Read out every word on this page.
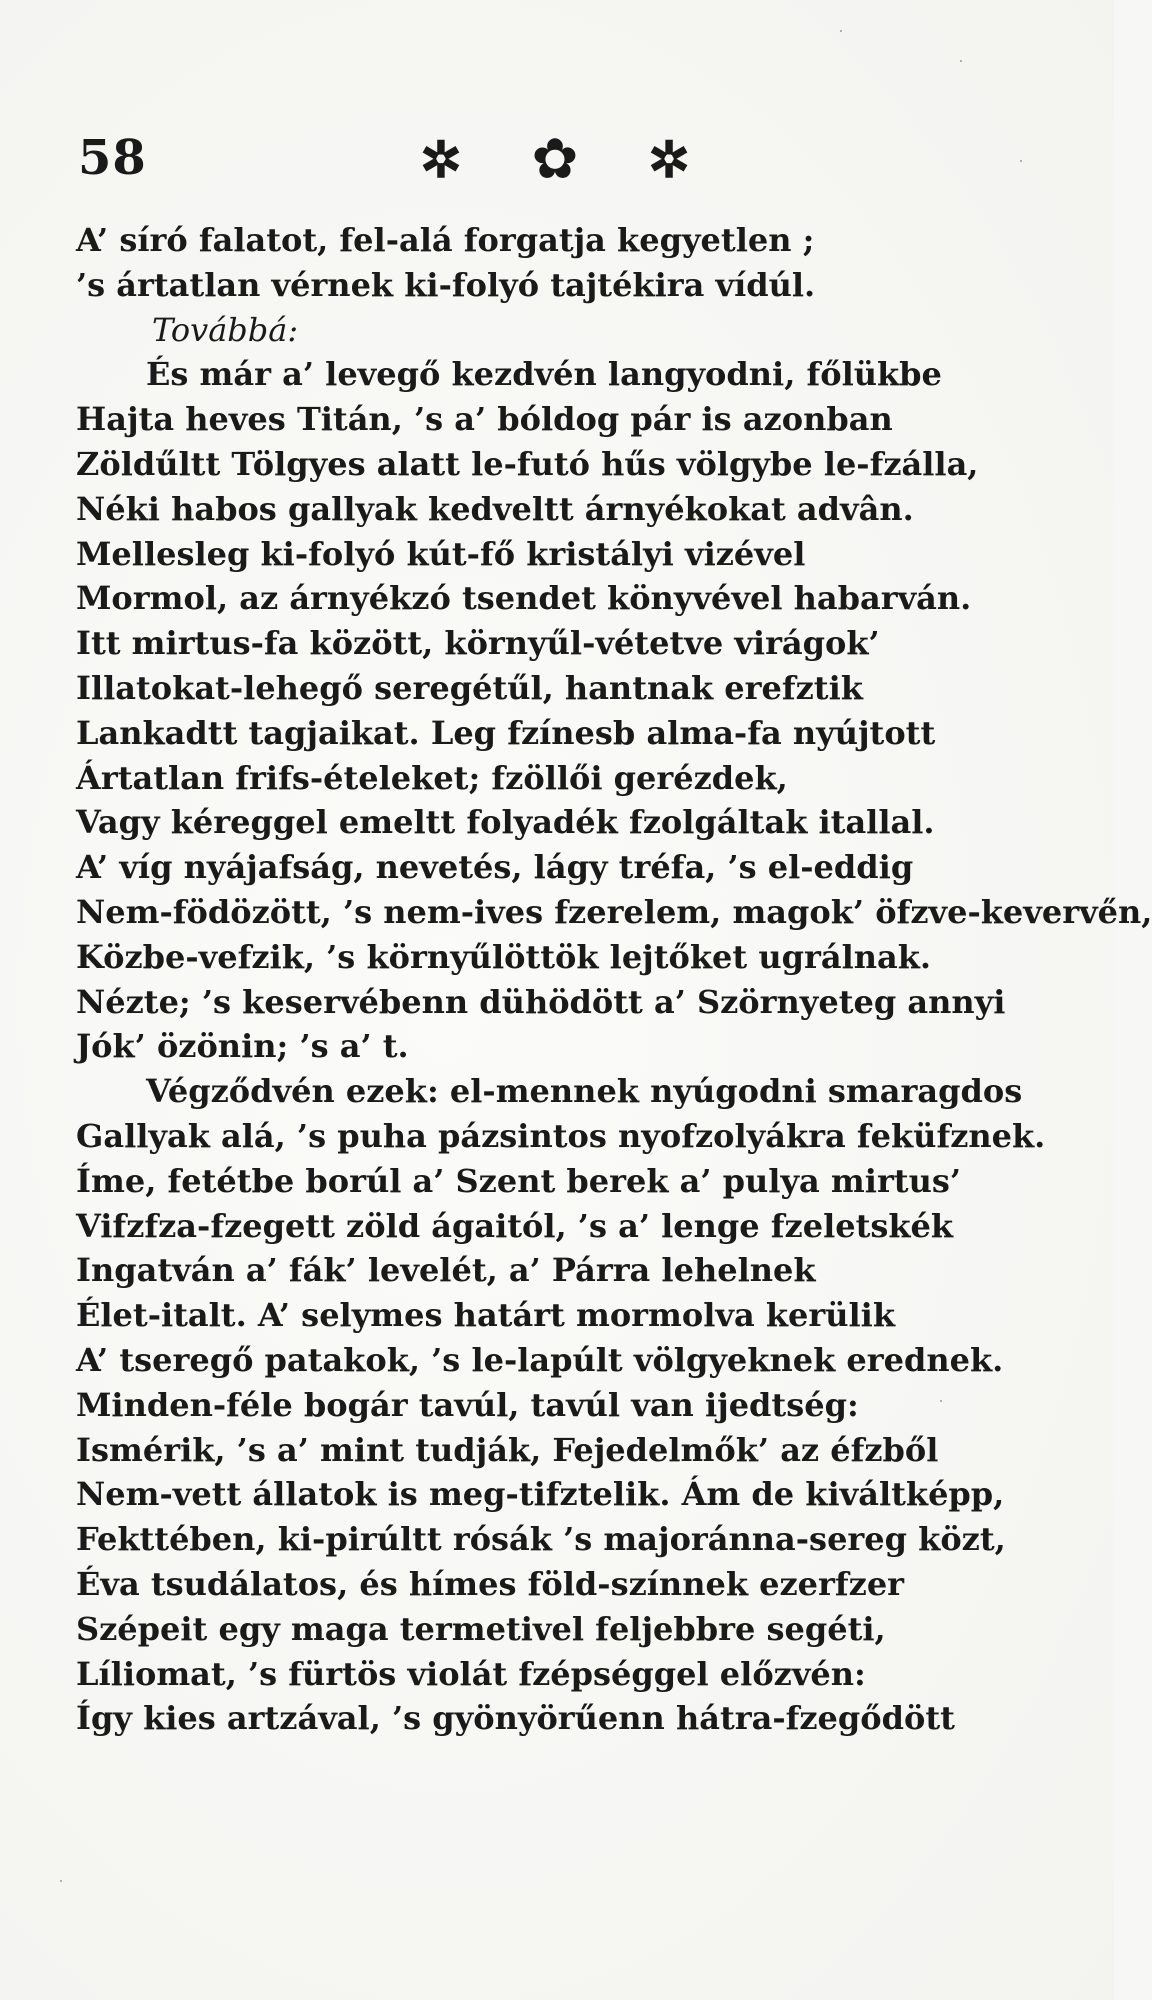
58	✲ ✿ ✲
A’ síró falatot, fel-alá forgatja kegyetlen ;
’s ártatlan vérnek ki-folyó tajtékira vídúl.
Továbbá:
És már a’ levegő kezdvén langyodni, főlükbe
Hajta heves Titán, ’s a’ bóldog pár is azonban
Zöldűltt Tölgyes alatt le-futó hűs völgybe le-fzálla,
Néki habos gallyak kedveltt árnyékokat advân.
Mellesleg ki-folyó kút-fő kristályi vizével
Mormol, az árnyékzó tsendet könyvével habarván.
Itt mirtus-fa között, környűl-vétetve virágok’
Illatokat-lehegő seregétűl, hantnak erefztik
Lankadtt tagjaikat. Leg fzínesb alma-fa nyújtott
Ártatlan frifs-ételeket; fzöllői gerézdek,
Vagy kéreggel emeltt folyadék fzolgáltak itallal.
A’ víg nyájafság, nevetés, lágy tréfa, ’s el-eddig
Nem-födözött, ’s nem-ives fzerelem, magok’ öfzve-keverve̋n,
Közbe-vefzik, ’s környűlöttök lejtőket ugrálnak.
Nézte; ’s keservébenn dühödött a’ Szörnyeteg annyi
Jók’ özönin; ’s a’ t.
Végződvén ezek: el-mennek nyúgodni smaragdos
Gallyak alá, ’s puha pázsintos nyofzolyákra feküfznek.
Íme, fetétbe borúl a’ Szent berek a’ pulya mirtus’
Vifzfza-fzegett zöld ágaitól, ’s a’ lenge fzeletskék
Ingatván a’ fák’ levelét, a’ Párra lehelnek
Élet-italt. A’ selymes határt mormolva kerülik
A’ tseregő patakok, ’s le-lapúlt völgyeknek erednek.
Minden-féle bogár tavúl, tavúl van ijedtség:
Ismérik, ’s a’ mint tudják, Fejedelmők’ az éfzből
Nem-vett állatok is meg-tifztelik. Ám de kiváltképp,
Fekttében, ki-pirúltt rósák ’s majoránna-sereg közt,
Éva tsudálatos, és hímes föld-színnek ezerfzer
Szépeit egy maga termetivel feljebbre segéti,
Líliomat, ’s fürtös violát fzépséggel előzvén:
Így kies artzával, ’s gyönyörűenn hátra-fzegődött
